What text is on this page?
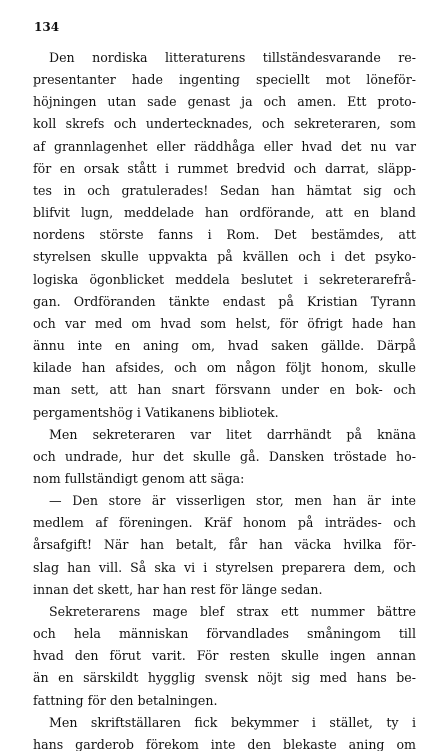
134
Den nordiska litteraturens tillständesvarande re-
presentanter hade ingenting speciellt mot löneför-
höjningen utan sade genast ja och amen. Ett proto-
koll skrefs och undertecknades, och sekreteraren, som
af grannlagenhet eller räddhåga eller hvad det nu var
för en orsak stått i rummet bredvid och darrat, släpp-
tes in och gratulerades! Sedan han hämtat sig och
blifvit lugn, meddelade han ordförande, att en bland
nordens störste fanns i Rom. Det bestämdes, att
styrelsen skulle uppvakta på kvällen och i det psyko-
logiska ögonblicket meddela beslutet i sekreterarefrå-
gan. Ordföranden tänkte endast på Kristian Tyrann
och var med om hvad som helst, för öfrigt hade han
ännu inte en aning om, hvad saken gällde. Därpå
kilade han afsides, och om någon följt honom, skulle
man sett, att han snart försvann under en bok- och
pergamentshög i Vatikanens bibliotek.
Men sekreteraren var litet darrhändt på knäna
och undrade, hur det skulle gå. Dansken tröstade ho-
nom fullständigt genom att säga:
— Den store är visserligen stor, men han är inte
medlem af föreningen. Kräf honom på inträdes- och
årsafgift! När han betalt, får han väcka hvilka för-
slag han vill. Så ska vi i styrelsen preparera dem, och
innan det skett, har han rest för länge sedan.
Sekreterarens mage blef strax ett nummer bättre
och hela människan förvandlades småningom till
hvad den förut varit. För resten skulle ingen annan
än en särskildt hygglig svensk nöjt sig med hans be-
fattning för den betalningen.
Men skriftställaren fick bekymmer i stället, ty i
hans garderob förekom inte den blekaste aning om
